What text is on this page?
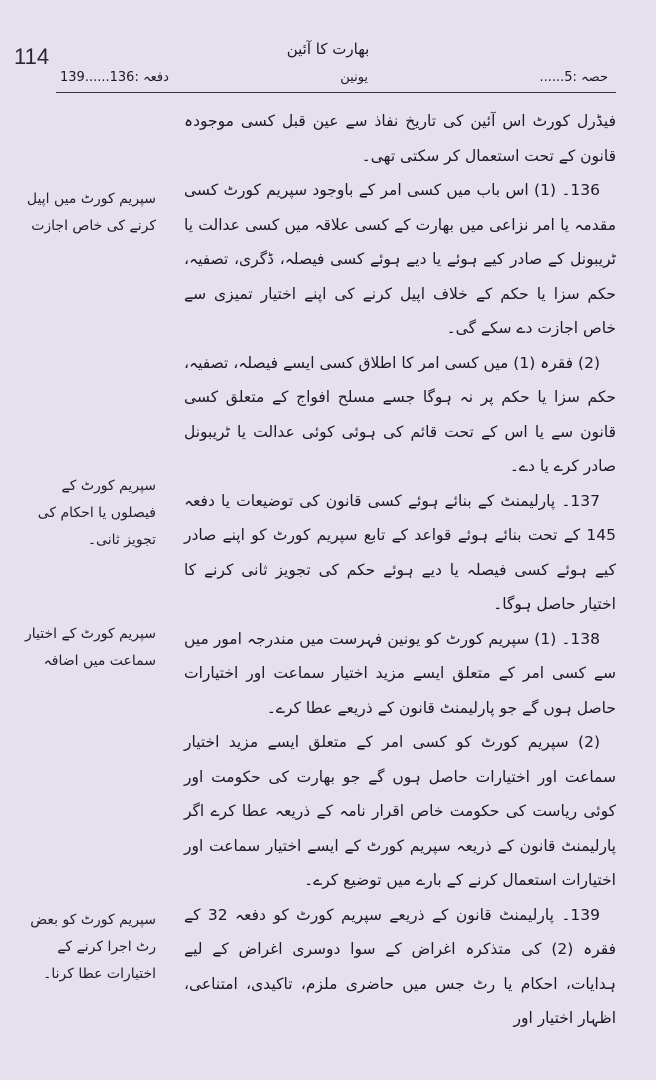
114	بھارت کا آئین
حصہ :5......
یونین
دفعہ :136......139
سپریم کورٹ میں اپیل کرنے کی خاص اجازت
سپریم کورٹ کے فیصلوں یا احکام کی تجویز ثانی۔
سپریم کورٹ کے اختیار سماعت میں اضافہ
سپریم کورٹ کو بعض رٹ اجرا کرنے کے اختیارات عطا کرنا۔

فیڈرل کورٹ اس آئین کی تاریخ نفاذ سے عین قبل کسی موجودہ قانون کے تحت استعمال کر سکتی تھی۔

136۔ (1) اس باب میں کسی امر کے باوجود سپریم کورٹ کسی مقدمہ یا امر نزاعی میں بھارت کے کسی علاقہ میں کسی عدالت یا ٹریبونل کے صادر کیے ہوئے یا دیے ہوئے کسی فیصلہ، ڈگری، تصفیہ، حکم سزا یا حکم کے خلاف اپیل کرنے کی اپنے اختیار تمیزی سے خاص اجازت دے سکے گی۔

(2) فقرہ (1) میں کسی امر کا اطلاق کسی ایسے فیصلہ، تصفیہ، حکم سزا یا حکم پر نہ ہوگا جسے مسلح افواج کے متعلق کسی قانون سے یا اس کے تحت قائم کی ہوئی کوئی عدالت یا ٹریبونل صادر کرے یا دے۔

137۔ پارلیمنٹ کے بنائے ہوئے کسی قانون کی توضیعات یا دفعہ 145 کے تحت بنائے ہوئے قواعد کے تابع سپریم کورٹ کو اپنے صادر کیے ہوئے کسی فیصلہ یا دیے ہوئے حکم کی تجویز ثانی کرنے کا اختیار حاصل ہوگا۔

138۔ (1) سپریم کورٹ کو یونین فہرست میں مندرجہ امور میں سے کسی امر کے متعلق ایسے مزید اختیار سماعت اور اختیارات حاصل ہوں گے جو پارلیمنٹ قانون کے ذریعے عطا کرے۔

(2) سپریم کورٹ کو کسی امر کے متعلق ایسے مزید اختیار سماعت اور اختیارات حاصل ہوں گے جو بھارت کی حکومت اور کوئی ریاست کی حکومت خاص اقرار نامہ کے ذریعہ عطا کرے اگر پارلیمنٹ قانون کے ذریعہ سپریم کورٹ کے ایسے اختیار سماعت اور اختیارات استعمال کرنے کے بارے میں توضیع کرے۔

139۔ پارلیمنٹ قانون کے ذریعے سپریم کورٹ کو دفعہ 32 کے فقرہ (2) کی متذکرہ اغراض کے سوا دوسری اغراض کے لیے ہدایات، احکام یا رٹ جس میں حاضری ملزم، تاکیدی، امتناعی، اظہار اختیار اور
